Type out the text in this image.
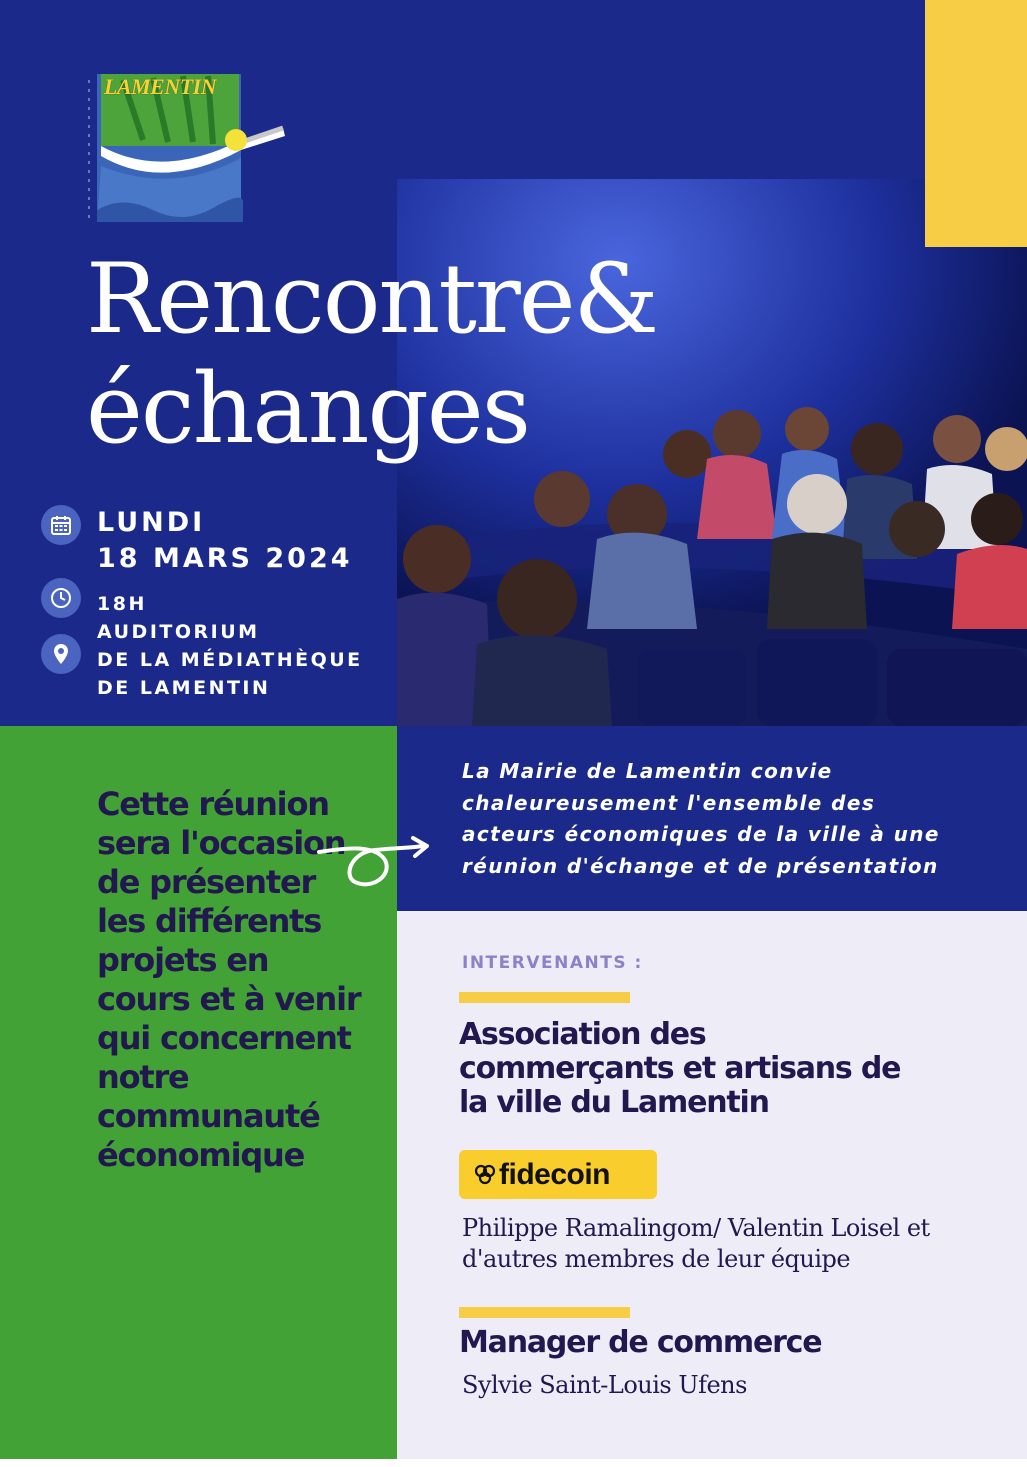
LAMENTIN
Rencontre&
échanges
LUNDI
18 MARS 2024
18H
AUDITORIUM
DE LA MÉDIATHÈQUE
DE LAMENTIN
Cette réunion sera l'occasion de présenter les différents projets en cours et à venir qui concernent notre communauté économique
La Mairie de Lamentin convie
chaleureusement l'ensemble des
acteurs économiques de la ville à une
réunion d'échange et de présentation
INTERVENANTS :
Association des
commerçants et artisans de
la ville du Lamentin
fidecoin
Philippe Ramalingom/ Valentin Loisel et
d'autres membres de leur équipe
Manager de commerce
Sylvie Saint-Louis Ufens
